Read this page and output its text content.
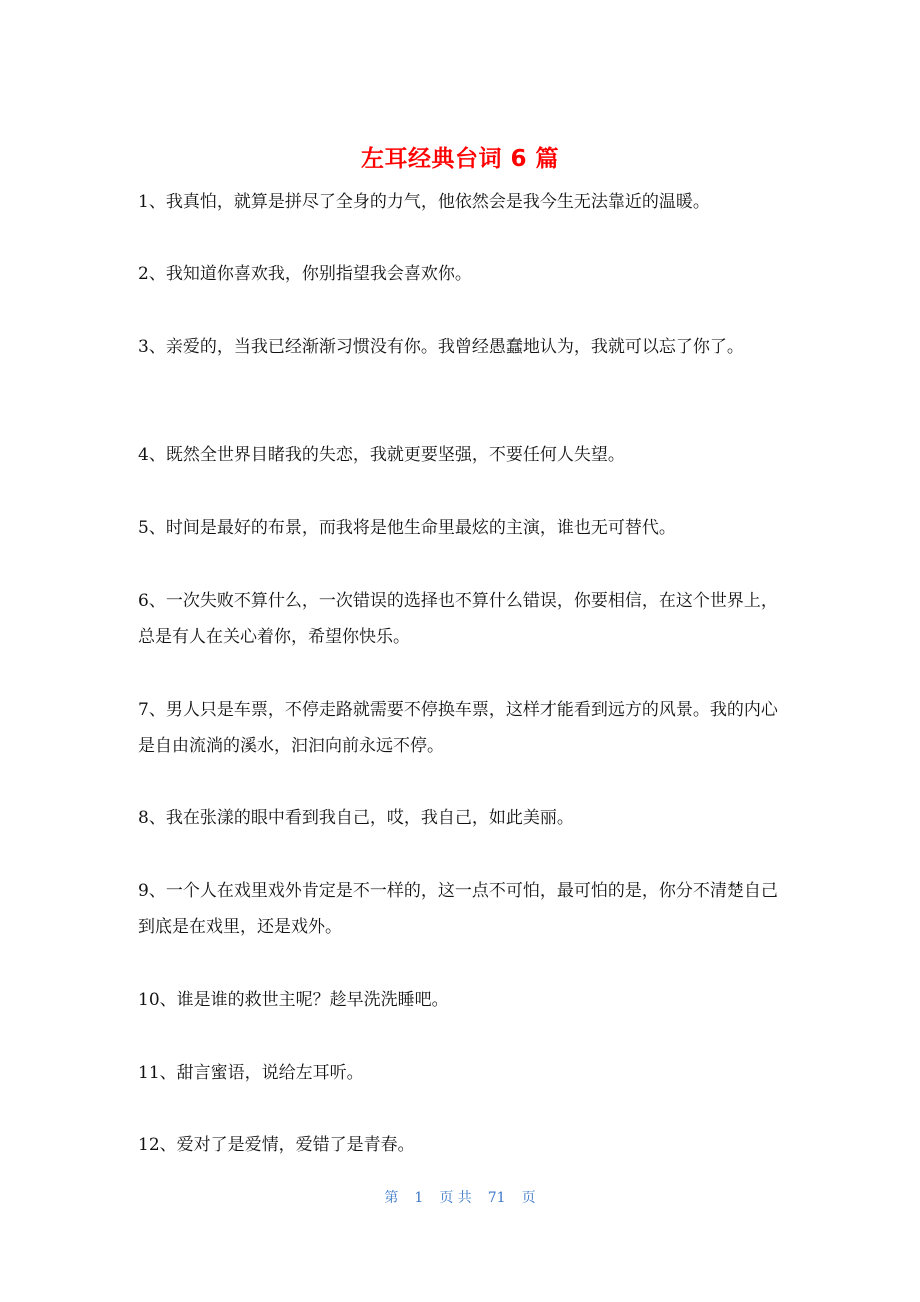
左耳经典台词 6 篇

1、我真怕，就算是拼尽了全身的力气，他依然会是我今生无法靠近的温暖。

2、我知道你喜欢我，你别指望我会喜欢你。

3、亲爱的，当我已经渐渐习惯没有你。我曾经愚蠢地认为，我就可以忘了你了。

4、既然全世界目睹我的失恋，我就更要坚强，不要任何人失望。

5、时间是最好的布景，而我将是他生命里最炫的主演，谁也无可替代。

6、一次失败不算什么，一次错误的选择也不算什么错误，你要相信，在这个世界上，总是有人在关心着你，希望你快乐。

7、男人只是车票，不停走路就需要不停换车票，这样才能看到远方的风景。我的内心是自由流淌的溪水，汩汩向前永远不停。

8、我在张漾的眼中看到我自己，哎，我自己，如此美丽。

9、一个人在戏里戏外肯定是不一样的，这一点不可怕，最可怕的是，你分不清楚自己到底是在戏里，还是戏外。

10、谁是谁的救世主呢？趁早洗洗睡吧。

11、甜言蜜语，说给左耳听。

12、爱对了是爱情，爱错了是青春。

第 1 页 共 71 页
